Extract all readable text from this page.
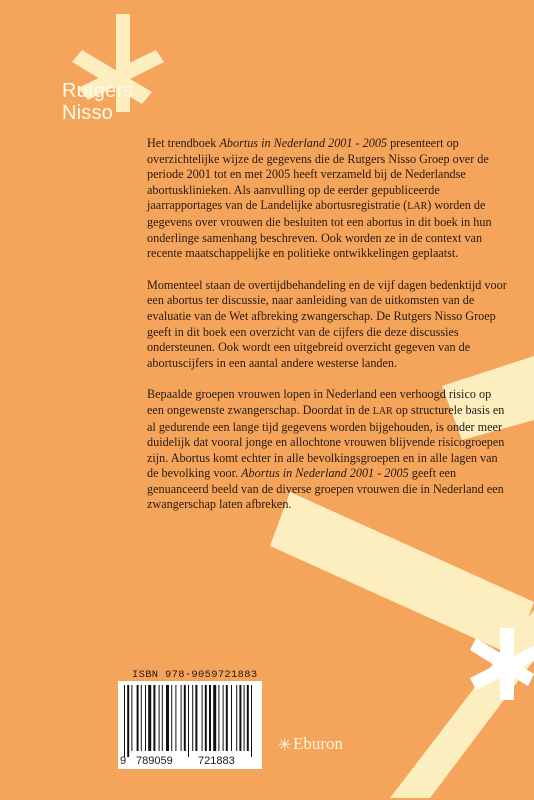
Rutgers
Nisso

Het trendboek Abortus in Nederland 2001 - 2005 presenteert op overzichtelijke wijze de gegevens die de Rutgers Nisso Groep over de periode 2001 tot en met 2005 heeft verzameld bij de Nederlandse abortusklinieken. Als aanvulling op de eerder gepubliceerde jaarrapportages van de Landelijke abortusregistratie (LAR) worden de gegevens over vrouwen die besluiten tot een abortus in dit boek in hun onderlinge samenhang beschreven. Ook worden ze in de context van recente maatschappelijke en politieke ontwikkelingen geplaatst.

Momenteel staan de overtijdbehandeling en de vijf dagen bedenktijd voor een abortus ter discussie, naar aanleiding van de uitkomsten van de evaluatie van de Wet afbreking zwangerschap. De Rutgers Nisso Groep geeft in dit boek een overzicht van de cijfers die deze discussies ondersteunen. Ook wordt een uitgebreid overzicht gegeven van de abortuscijfers in een aantal andere westerse landen.

Bepaalde groepen vrouwen lopen in Nederland een verhoogd risico op een ongewenste zwangerschap. Doordat in de LAR op structurele basis en al gedurende een lange tijd gegevens worden bijgehouden, is onder meer duidelijk dat vooral jonge en allochtone vrouwen blijvende risicogroepen zijn. Abortus komt echter in alle bevolkingsgroepen en in alle lagen van de bevolking voor. Abortus in Nederland 2001 - 2005 geeft een genuanceerd beeld van de diverse groepen vrouwen die in Nederland een zwangerschap laten afbreken.

ISBN 978-9059721883
9 789059 721883
✳ Eburon
